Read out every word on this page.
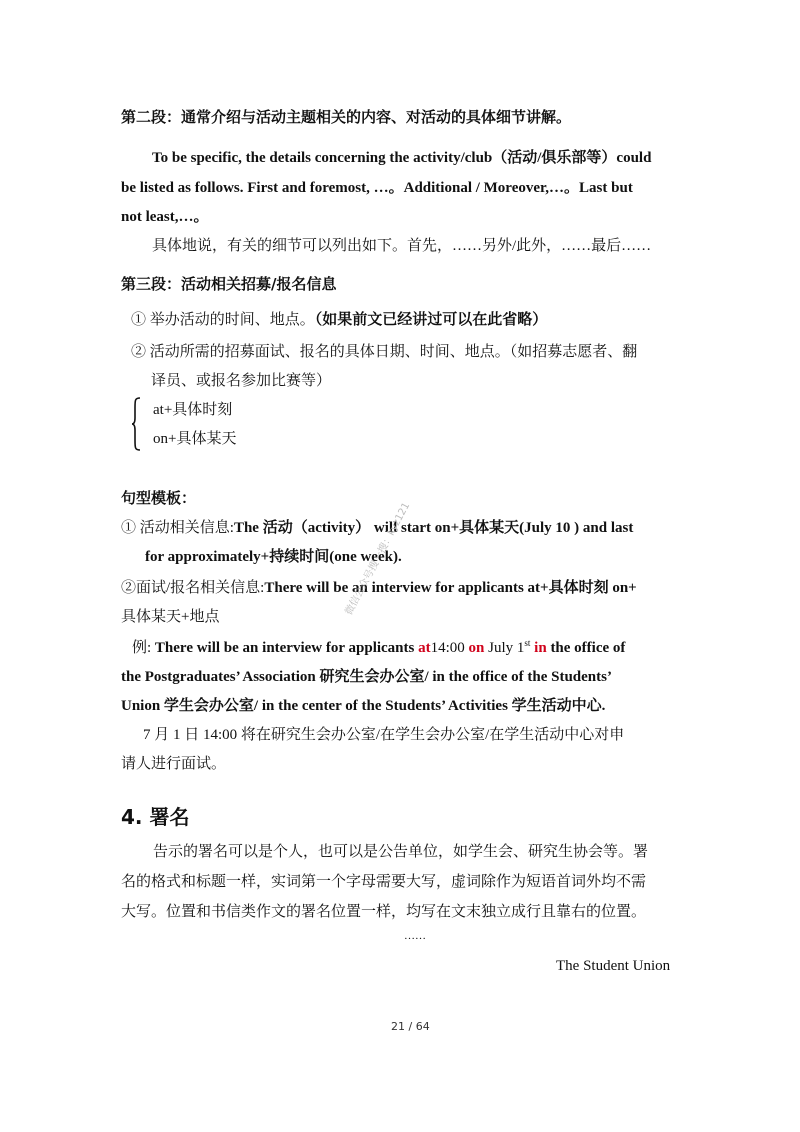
第二段：通常介绍与活动主题相关的内容、对活动的具体细节讲解。
To be specific, the details concerning the activity/club（活动/俱乐部等）could
be listed as follows. First and foremost, …。Additional / Moreover,…。Last but
not least,…。
具体地说，有关的细节可以列出如下。首先，……另外/此外，……最后……
第三段：活动相关招募/报名信息
① 举办活动的时间、地点。（如果前文已经讲过可以在此省略）
② 活动所需的招募面试、报名的具体日期、时间、地点。（如招募志愿者、翻
译员、或报名参加比赛等）
at+具体时刻
on+具体某天
句型模板：
① 活动相关信息:The 活动（activity） will start on+具体某天(July 10 ) and last
for approximately+持续时间(one week).
②面试/报名相关信息:There will be an interview for applicants at+具体时刻 on+
具体某天+地点
例: There will be an interview for applicants at14:00 on July 1st in the office of
the Postgraduates’ Association 研究生会办公室/ in the office of the Students’
Union 学生会办公室/ in the center of the Students’ Activities 学生活动中心.
7 月 1 日 14:00 将在研究生会办公室/在学生会办公室/在学生活动中心对申
请人进行面试。
微信公众号搜一搜：kyz121
4. 署名
告示的署名可以是个人，也可以是公告单位，如学生会、研究生协会等。署
名的格式和标题一样，实词第一个字母需要大写，虚词除作为短语首词外均不需
大写。位置和书信类作文的署名位置一样，均写在文末独立成行且靠右的位置。
……
The Student Union
21 / 64
